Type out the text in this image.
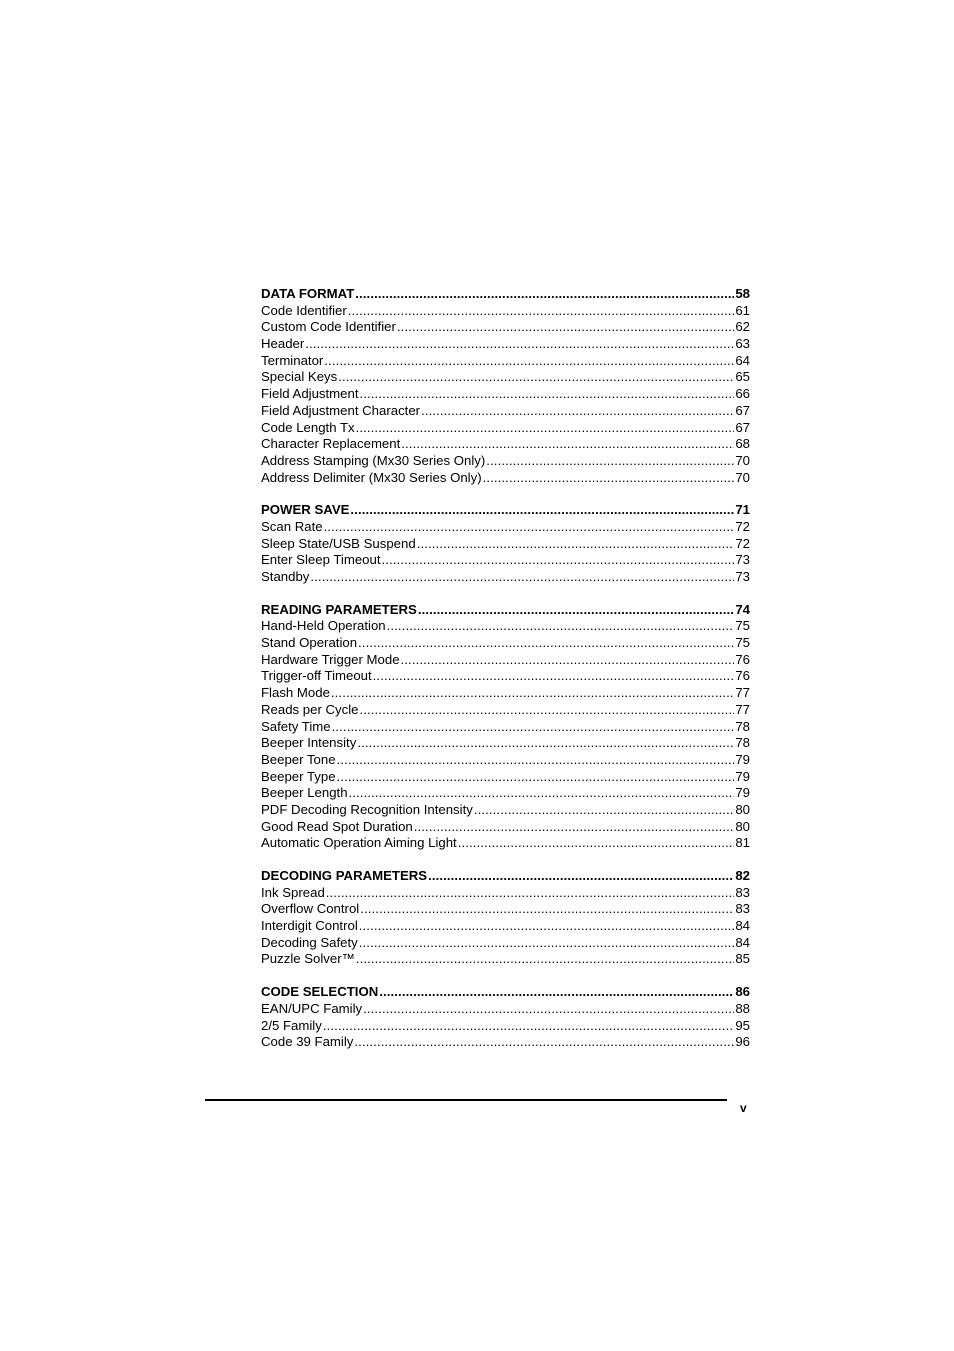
DATA FORMAT .....	58
Code Identifier .....	61
Custom Code Identifier .....	62
Header .....	63
Terminator .....	64
Special Keys .....	65
Field Adjustment .....	66
Field Adjustment Character .....	67
Code Length Tx .....	67
Character Replacement .....	68
Address Stamping (Mx30 Series Only) .....	70
Address Delimiter (Mx30 Series Only) .....	70
POWER SAVE .....	71
Scan Rate .....	72
Sleep State/USB Suspend .....	72
Enter Sleep Timeout .....	73
Standby .....	73
READING PARAMETERS .....	74
Hand-Held Operation .....	75
Stand Operation .....	75
Hardware Trigger Mode .....	76
Trigger-off Timeout .....	76
Flash Mode .....	77
Reads per Cycle .....	77
Safety Time .....	78
Beeper Intensity .....	78
Beeper Tone .....	79
Beeper Type .....	79
Beeper Length .....	79
PDF Decoding Recognition Intensity .....	80
Good Read Spot Duration .....	80
Automatic Operation Aiming Light .....	81
DECODING PARAMETERS .....	82
Ink Spread .....	83
Overflow Control .....	83
Interdigit Control .....	84
Decoding Safety .....	84
Puzzle Solver™ .....	85
CODE SELECTION .....	86
EAN/UPC Family .....	88
2/5 Family .....	95
Code 39 Family .....	96
v
